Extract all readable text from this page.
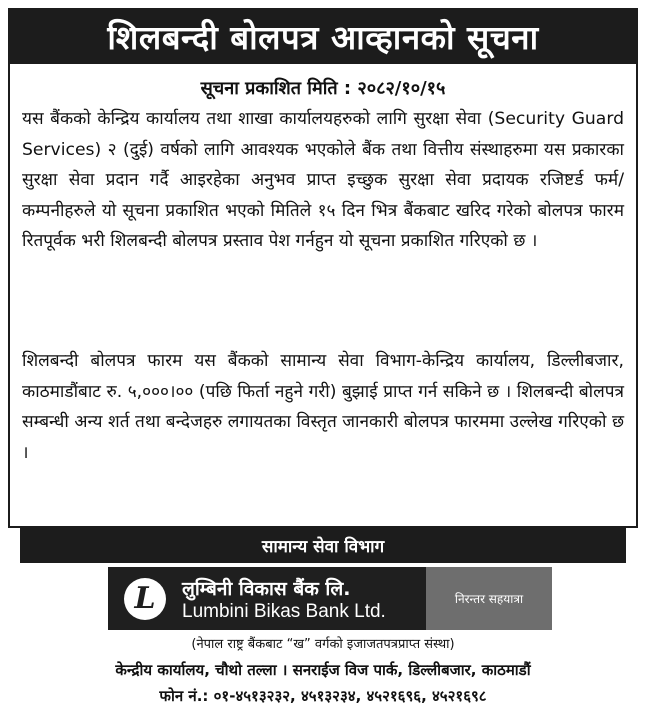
शिलबन्दी बोलपत्र आव्हानको सूचना
सूचना प्रकाशित मिति : २०८२/१०/१५
यस बैंकको केन्द्रिय कार्यालय तथा शाखा कार्यालयहरुको लागि सुरक्षा सेवा (Security Guard Services) २ (दुई) वर्षको लागि आवश्यक भएकोले बैंक तथा वित्तीय संस्थाहरुमा यस प्रकारका सुरक्षा सेवा प्रदान गर्दै आइरहेका अनुभव प्राप्त इच्छुक सुरक्षा सेवा प्रदायक रजिष्टर्ड फर्म/कम्पनीहरुले यो सूचना प्रकाशित भएको मितिले १५ दिन भित्र बैंकबाट खरिद गरेको बोलपत्र फारम रितपूर्वक भरी शिलबन्दी बोलपत्र प्रस्ताव पेश गर्नहुन यो सूचना प्रकाशित गरिएको छ ।
शिलबन्दी बोलपत्र फारम यस बैंकको सामान्य सेवा विभाग-केन्द्रिय कार्यालय, डिल्लीबजार, काठमाडौंबाट रु. ५,०००।०० (पछि फिर्ता नहुने गरी) बुझाई प्राप्त गर्न सकिने छ । शिलबन्दी बोलपत्र सम्बन्धी अन्य शर्त तथा बन्देजहरु लगायतका विस्तृत जानकारी बोलपत्र फारममा उल्लेख गरिएको छ ।
सामान्य सेवा विभाग
L लुम्बिनी विकास बैंक लि.
Lumbini Bikas Bank Ltd.
निरन्तर सहयात्रा
(नेपाल राष्ट्र बैंकबाट “ख” वर्गको इजाजतपत्रप्राप्त संस्था)
केन्द्रीय कार्यालय, चौथो तल्ला । सनराईज विज पार्क, डिल्लीबजार, काठमाडौं
फोन नं.: ०१-४५१३२३२, ४५१३२३४, ४५२१६९६, ४५२१६९८
